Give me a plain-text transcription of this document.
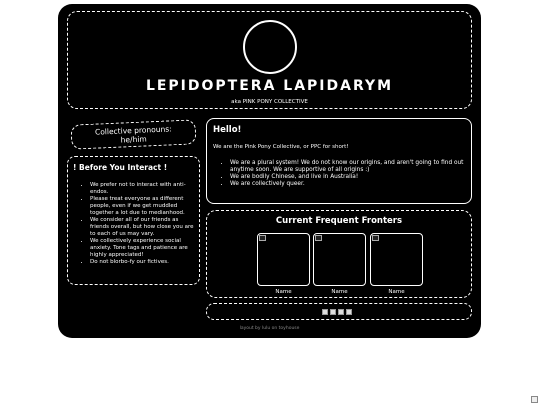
LEPIDOPTERA LAPIDARYM
aka PINK PONY COLLECTIVE
Collective pronouns:
he/him
! Before You Interact !
• We prefer not to interact with anti-endos.
• Please treat everyone as different people, even if we get muddled together a lot due to medianhood.
• We consider all of our friends as friends overall, but how close you are to each of us may vary.
• We collectively experience social anxiety. Tone tags and patience are highly appreciated!
• Do not blorbo-fy our fictives.
Hello!

We are the Pink Pony Collective, or PPC for short!

• We are a plural system! We do not know our origins, and aren't going to find out anytime soon. We are supportive of all origins :)
• We are bodily Chinese, and live in Australia!
• We are collectively queer.
Current Frequent Fronters
Name	Name	Name
layout by lulu on toyhouse
